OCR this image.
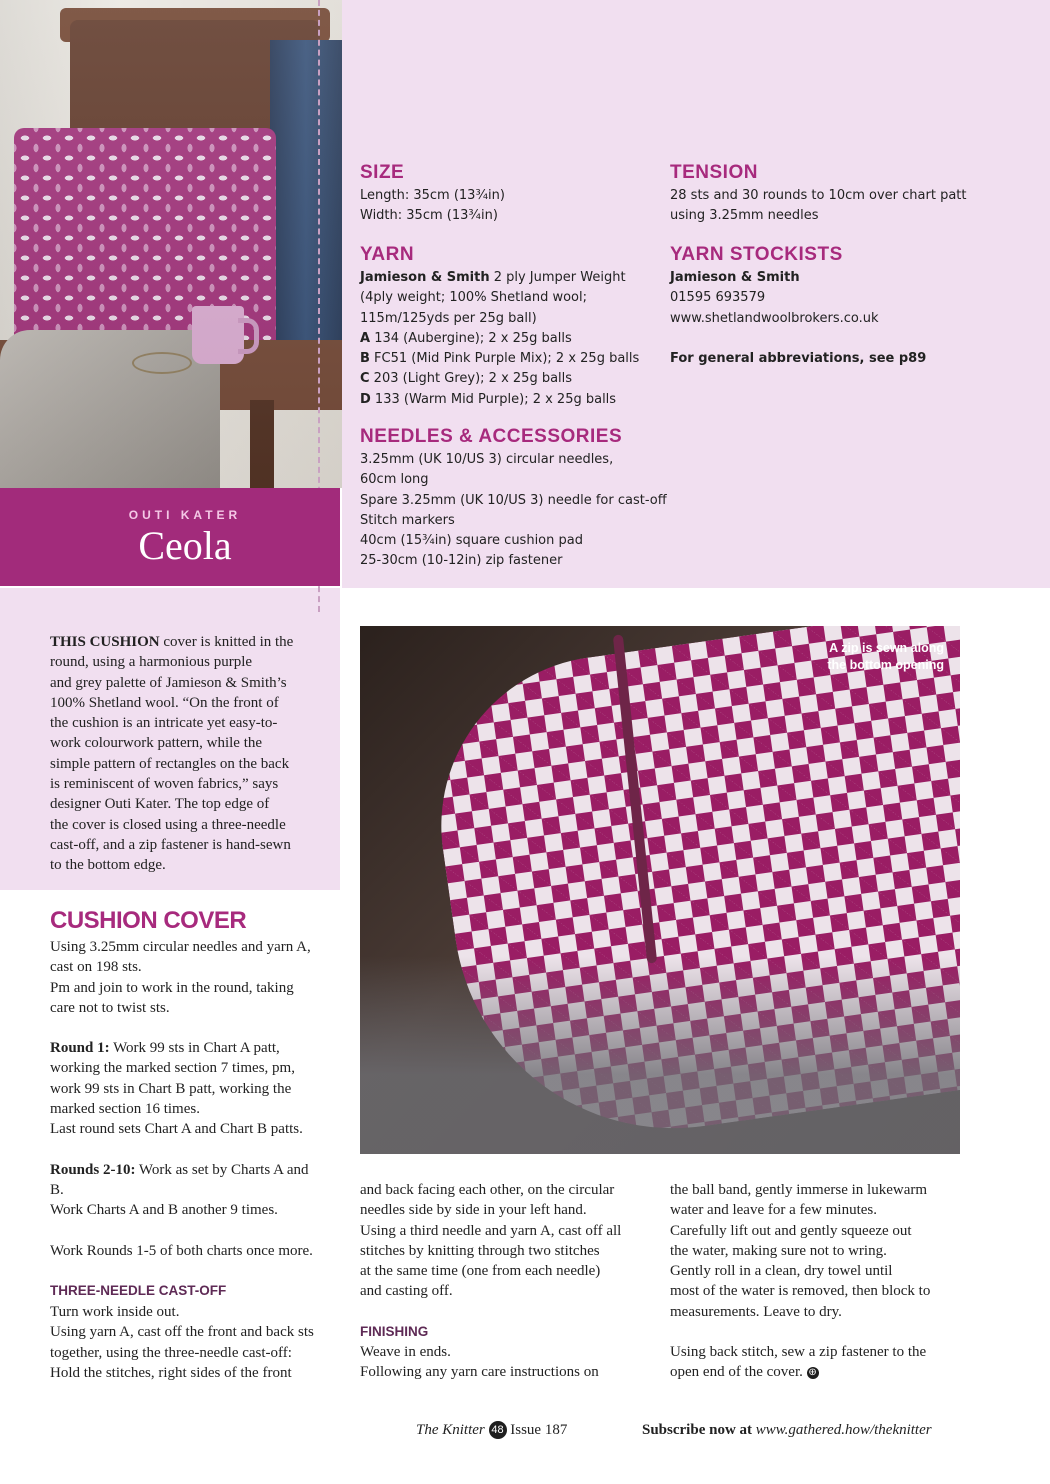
OUTI KATER
Ceola
SIZE
Length: 35cm (13¾in)
Width: 35cm (13¾in)
YARN
Jamieson & Smith 2 ply Jumper Weight
(4ply weight; 100% Shetland wool;
115m/125yds per 25g ball)
A 134 (Aubergine); 2 x 25g balls
B FC51 (Mid Pink Purple Mix); 2 x 25g balls
C 203 (Light Grey); 2 x 25g balls
D 133 (Warm Mid Purple); 2 x 25g balls
NEEDLES & ACCESSORIES
3.25mm (UK 10/US 3) circular needles,
60cm long
Spare 3.25mm (UK 10/US 3) needle for cast-off
Stitch markers
40cm (15¾in) square cushion pad
25-30cm (10-12in) zip fastener
TENSION
28 sts and 30 rounds to 10cm over chart patt
using 3.25mm needles
YARN STOCKISTS
Jamieson & Smith
01595 693579
www.shetlandwoolbrokers.co.uk
For general abbreviations, see p89
THIS CUSHION cover is knitted in the
round, using a harmonious purple
and grey palette of Jamieson & Smith’s
100% Shetland wool. “On the front of
the cushion is an intricate yet easy-to-
work colourwork pattern, while the
simple pattern of rectangles on the back
is reminiscent of woven fabrics,” says
designer Outi Kater. The top edge of
the cover is closed using a three-needle
cast-off, and a zip fastener is hand-sewn
to the bottom edge.
CUSHION COVER
Using 3.25mm circular needles and yarn A,
cast on 198 sts.
Pm and join to work in the round, taking
care not to twist sts.
Round 1: Work 99 sts in Chart A patt,
working the marked section 7 times, pm,
work 99 sts in Chart B patt, working the
marked section 16 times.
Last round sets Chart A and Chart B patts.
Rounds 2-10: Work as set by Charts A and
B.
Work Charts A and B another 9 times.
Work Rounds 1-5 of both charts once more.
THREE-NEEDLE CAST-OFF
Turn work inside out.
Using yarn A, cast off the front and back sts
together, using the three-needle cast-off:
Hold the stitches, right sides of the front
A zip is sewn along
the bottom opening
and back facing each other, on the circular
needles side by side in your left hand.
Using a third needle and yarn A, cast off all
stitches by knitting through two stitches
at the same time (one from each needle)
and casting off.
FINISHING
Weave in ends.
Following any yarn care instructions on
the ball band, gently immerse in lukewarm
water and leave for a few minutes.
Carefully lift out and gently squeeze out
the water, making sure not to wring.
Gently roll in a clean, dry towel until
most of the water is removed, then block to
measurements. Leave to dry.
Using back stitch, sew a zip fastener to the
open end of the cover. ⊕
The Knitter 48 Issue 187	Subscribe now at www.gathered.how/theknitter
